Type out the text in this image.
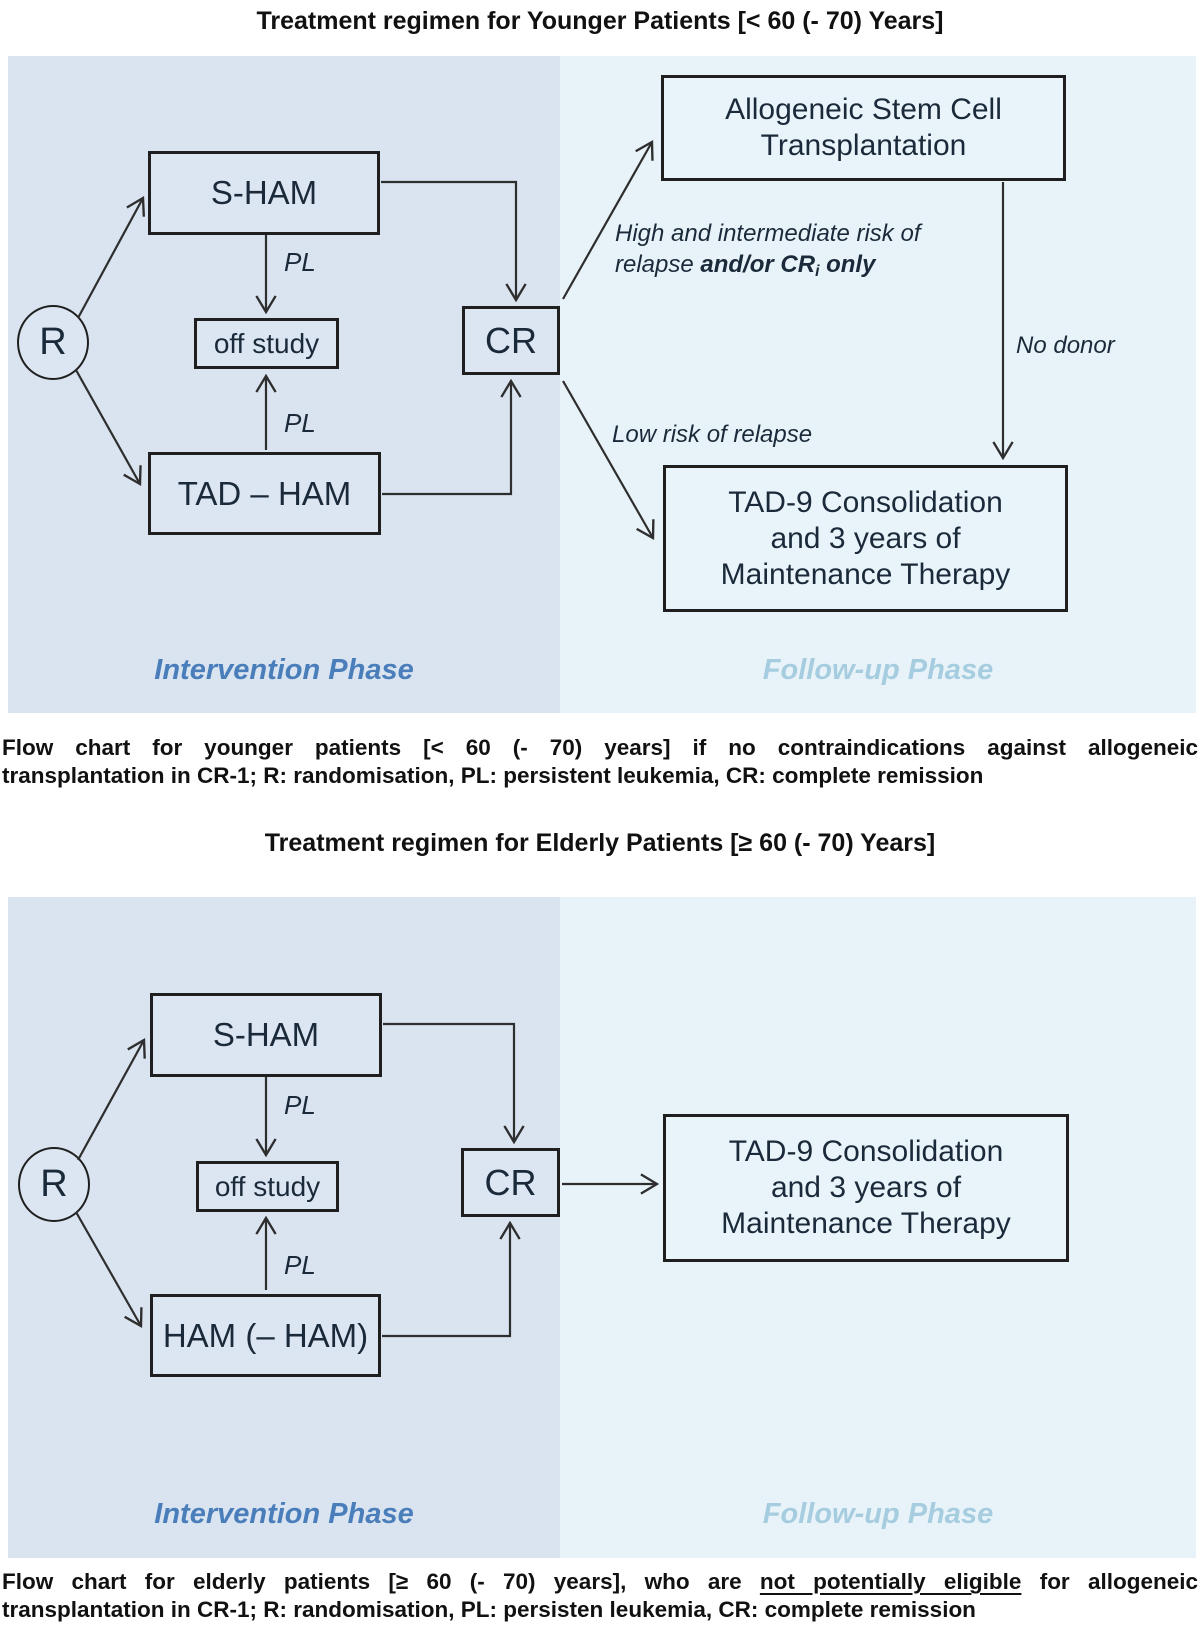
Treatment regimen for Younger Patients [< 60 (- 70) Years]
R
S-HAM
off study
TAD – HAM
CR
Allogeneic Stem Cell
Transplantation
TAD-9 Consolidation
and 3 years of
Maintenance Therapy
PL
PL
High and intermediate risk of
relapse and/or $CR_i$ only
No donor
Low risk of relapse
Intervention Phase	Follow-up Phase
Flow chart for younger patients [< 60 (- 70) years] if no contraindications against allogeneic
transplantation in CR-1; R: randomisation, PL: persistent leukemia, CR: complete remission
Treatment regimen for Elderly Patients [≥ 60 (- 70) Years]
R
S-HAM
off study
HAM (– HAM)
CR
TAD-9 Consolidation
and 3 years of
Maintenance Therapy
PL
PL
Intervention Phase	Follow-up Phase
Flow chart for elderly patients [≥ 60 (- 70) years], who are not potentially eligible for allogeneic
transplantation in CR-1; R: randomisation, PL: persisten leukemia, CR: complete remission
